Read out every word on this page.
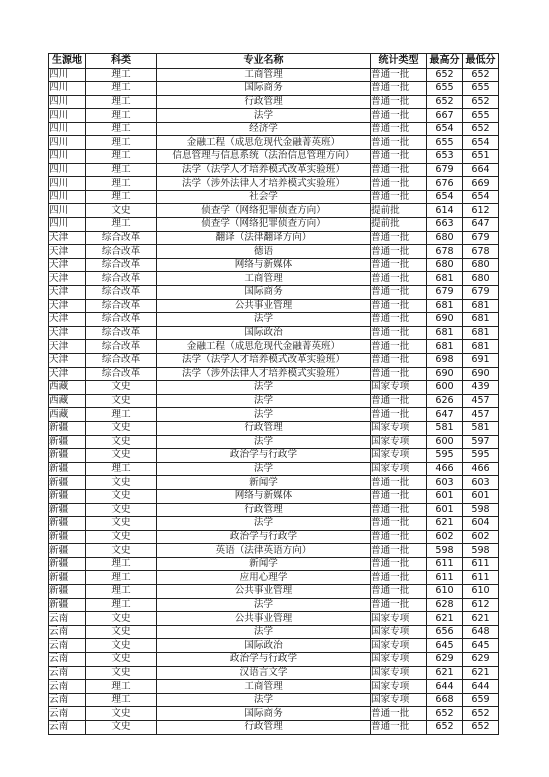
生源地	科类	专业名称	统计类型	最高分	最低分
四川	理工	工商管理	普通一批	652	652
四川	理工	国际商务	普通一批	655	655
四川	理工	行政管理	普通一批	652	652
四川	理工	法学	普通一批	667	655
四川	理工	经济学	普通一批	654	652
四川	理工	金融工程（成思危现代金融菁英班）	普通一批	655	654
四川	理工	信息管理与信息系统（法治信息管理方向）	普通一批	653	651
四川	理工	法学（法学人才培养模式改革实验班）	普通一批	679	664
四川	理工	法学（涉外法律人才培养模式实验班）	普通一批	676	669
四川	理工	社会学	普通一批	654	654
四川	文史	侦查学（网络犯罪侦查方向）	提前批	614	612
四川	理工	侦查学（网络犯罪侦查方向）	提前批	663	647
天津	综合改革	翻译（法律翻译方向）	普通一批	680	679
天津	综合改革	德语	普通一批	678	678
天津	综合改革	网络与新媒体	普通一批	680	680
天津	综合改革	工商管理	普通一批	681	680
天津	综合改革	国际商务	普通一批	679	679
天津	综合改革	公共事业管理	普通一批	681	681
天津	综合改革	法学	普通一批	690	681
天津	综合改革	国际政治	普通一批	681	681
天津	综合改革	金融工程（成思危现代金融菁英班）	普通一批	681	681
天津	综合改革	法学（法学人才培养模式改革实验班）	普通一批	698	691
天津	综合改革	法学（涉外法律人才培养模式实验班）	普通一批	690	690
西藏	文史	法学	国家专项	600	439
西藏	文史	法学	普通一批	626	457
西藏	理工	法学	普通一批	647	457
新疆	文史	行政管理	国家专项	581	581
新疆	文史	法学	国家专项	600	597
新疆	文史	政治学与行政学	国家专项	595	595
新疆	理工	法学	国家专项	466	466
新疆	文史	新闻学	普通一批	603	603
新疆	文史	网络与新媒体	普通一批	601	601
新疆	文史	行政管理	普通一批	601	598
新疆	文史	法学	普通一批	621	604
新疆	文史	政治学与行政学	普通一批	602	602
新疆	文史	英语（法律英语方向）	普通一批	598	598
新疆	理工	新闻学	普通一批	611	611
新疆	理工	应用心理学	普通一批	611	611
新疆	理工	公共事业管理	普通一批	610	610
新疆	理工	法学	普通一批	628	612
云南	文史	公共事业管理	国家专项	621	621
云南	文史	法学	国家专项	656	648
云南	文史	国际政治	国家专项	645	645
云南	文史	政治学与行政学	国家专项	629	629
云南	文史	汉语言文学	国家专项	621	621
云南	理工	工商管理	国家专项	644	644
云南	理工	法学	国家专项	668	659
云南	文史	国际商务	普通一批	652	652
云南	文史	行政管理	普通一批	652	652
